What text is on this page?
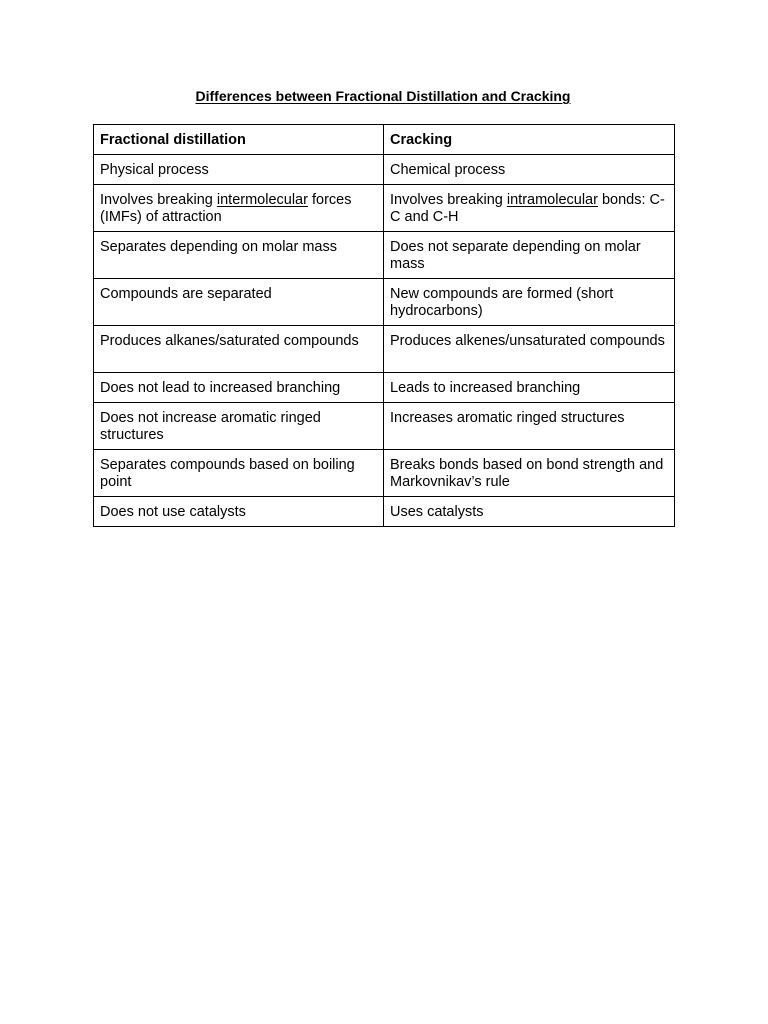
Differences between Fractional Distillation and Cracking
Fractional distillation	Cracking
Physical process	Chemical process
Involves breaking intermolecular forces (IMFs) of attraction	Involves breaking intramolecular bonds: C-C and C-H
Separates depending on molar mass	Does not separate depending on molar mass
Compounds are separated	New compounds are formed (short hydrocarbons)
Produces alkanes/saturated compounds	Produces alkenes/unsaturated compounds
Does not lead to increased branching	Leads to increased branching
Does not increase aromatic ringed structures	Increases aromatic ringed structures
Separates compounds based on boiling point	Breaks bonds based on bond strength and Markovnikav’s rule
Does not use catalysts	Uses catalysts
